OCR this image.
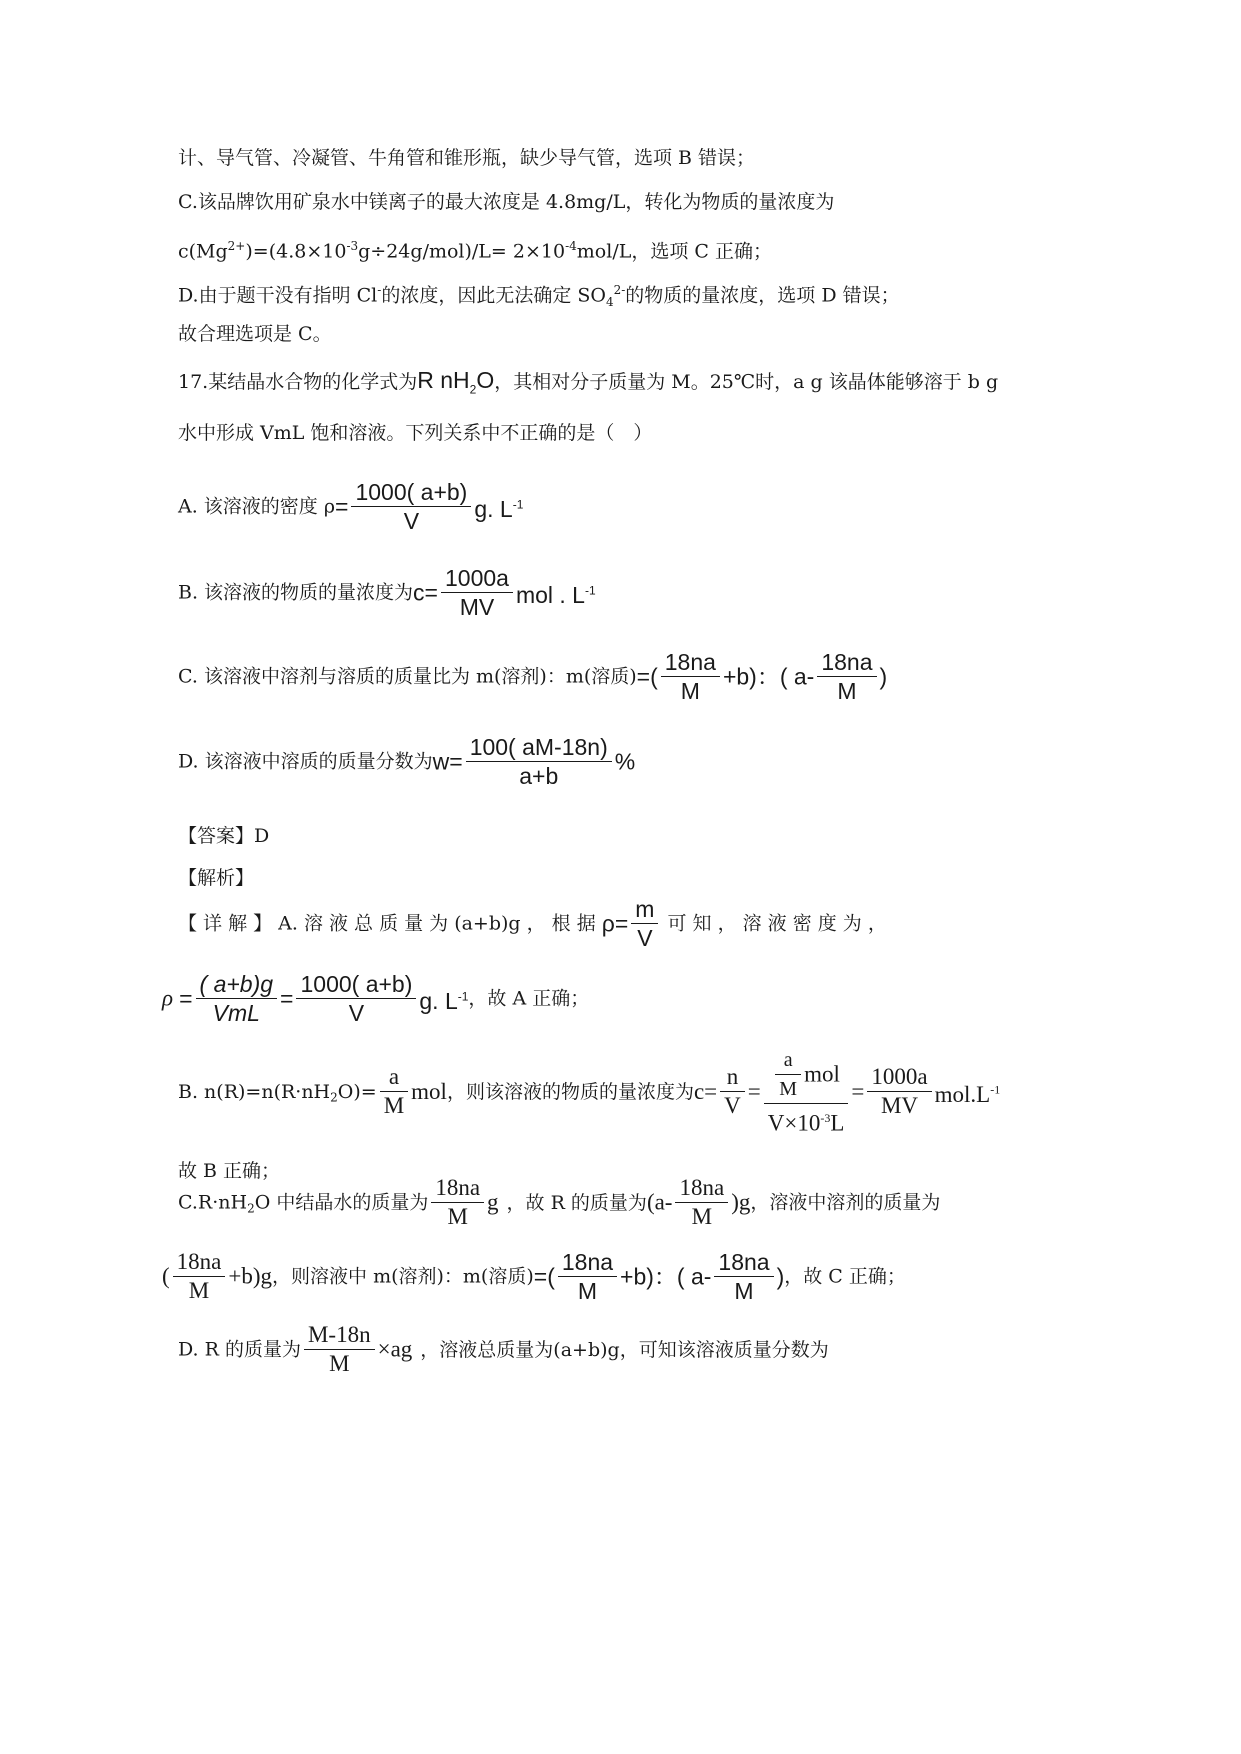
计、导气管、冷凝管、牛角管和锥形瓶，缺少导气管，选项 B 错误；
C.该品牌饮用矿泉水中镁离子的最大浓度是 4.8mg/L，转化为物质的量浓度为
$c(Mg^{2+})=(4.8\times 10^{-3}g\div 24g/mol)/L= 2\times 10^{-4}mol/L$，选项 C 正确；
D.由于题干没有指明 Cl-的浓度，因此无法确定 $SO_4^{2-}$的物质的量浓度，选项 D 错误；
故合理选项是 C。
17.某结晶水合物的化学式为R $nH_2O$，其相对分子质量为 M。25℃时，a g 该晶体能够溶于 b g
水中形成 VmL 饱和溶液。下列关系中不正确的是（　）
A. 该溶液的密度 $\rho= \frac{1000( a+b)}{V} g$. $L^{-1}$
B. 该溶液的物质的量浓度为$c= \frac{1000a}{MV}$ mol . $L^{-1}$
C. 该溶液中溶剂与溶质的质量比为 m(溶剂)：m(溶质)=( $\frac{18na}{M} +b$)：( $a- \frac{18na}{M}$ )
D. 该溶液中溶质的质量分数为$w= \frac{100( aM-18n)}{a+b}$ %
【答案】D
【解析】
【 详 解 】 A. 溶 液 总 质 量 为 (a+b)g ， 根 据 $\rho= \frac{m}{V}$ 可 知 ， 溶 液 密 度 为 ，
$\rho = \frac{( a+b)g}{\text{VmL}} = \frac{1000( a+b)}{V} g$. $L^{-1}$，故 A 正确；
B. $n(R)=n(R\cdot nH_2O)= \frac{a}{M}$ mol，则该溶液的物质的量浓度为$c= \frac{n}{V} = \frac{\frac{a}{M} mol}{V\times 10^{-3}L} = \frac{1000a}{MV} mol.L^{-1}$
故 B 正确；
$C.R\cdot nH_2O$ 中结晶水的质量为 $\frac{18na}{M}$ g ，故 R 的质量为$(a- \frac{18na}{M} )g$，溶液中溶剂的质量为
( $\frac{18na}{M} +b)g$，则溶液中 m(溶剂)：m(溶质)=( $\frac{18na}{M} +b$)：( $a- \frac{18na}{M}$ )，故 C 正确；
D. R 的质量为 $\frac{M-18n}{M} \times ag$ ，溶液总质量为(a+b)g，可知该溶液质量分数为
